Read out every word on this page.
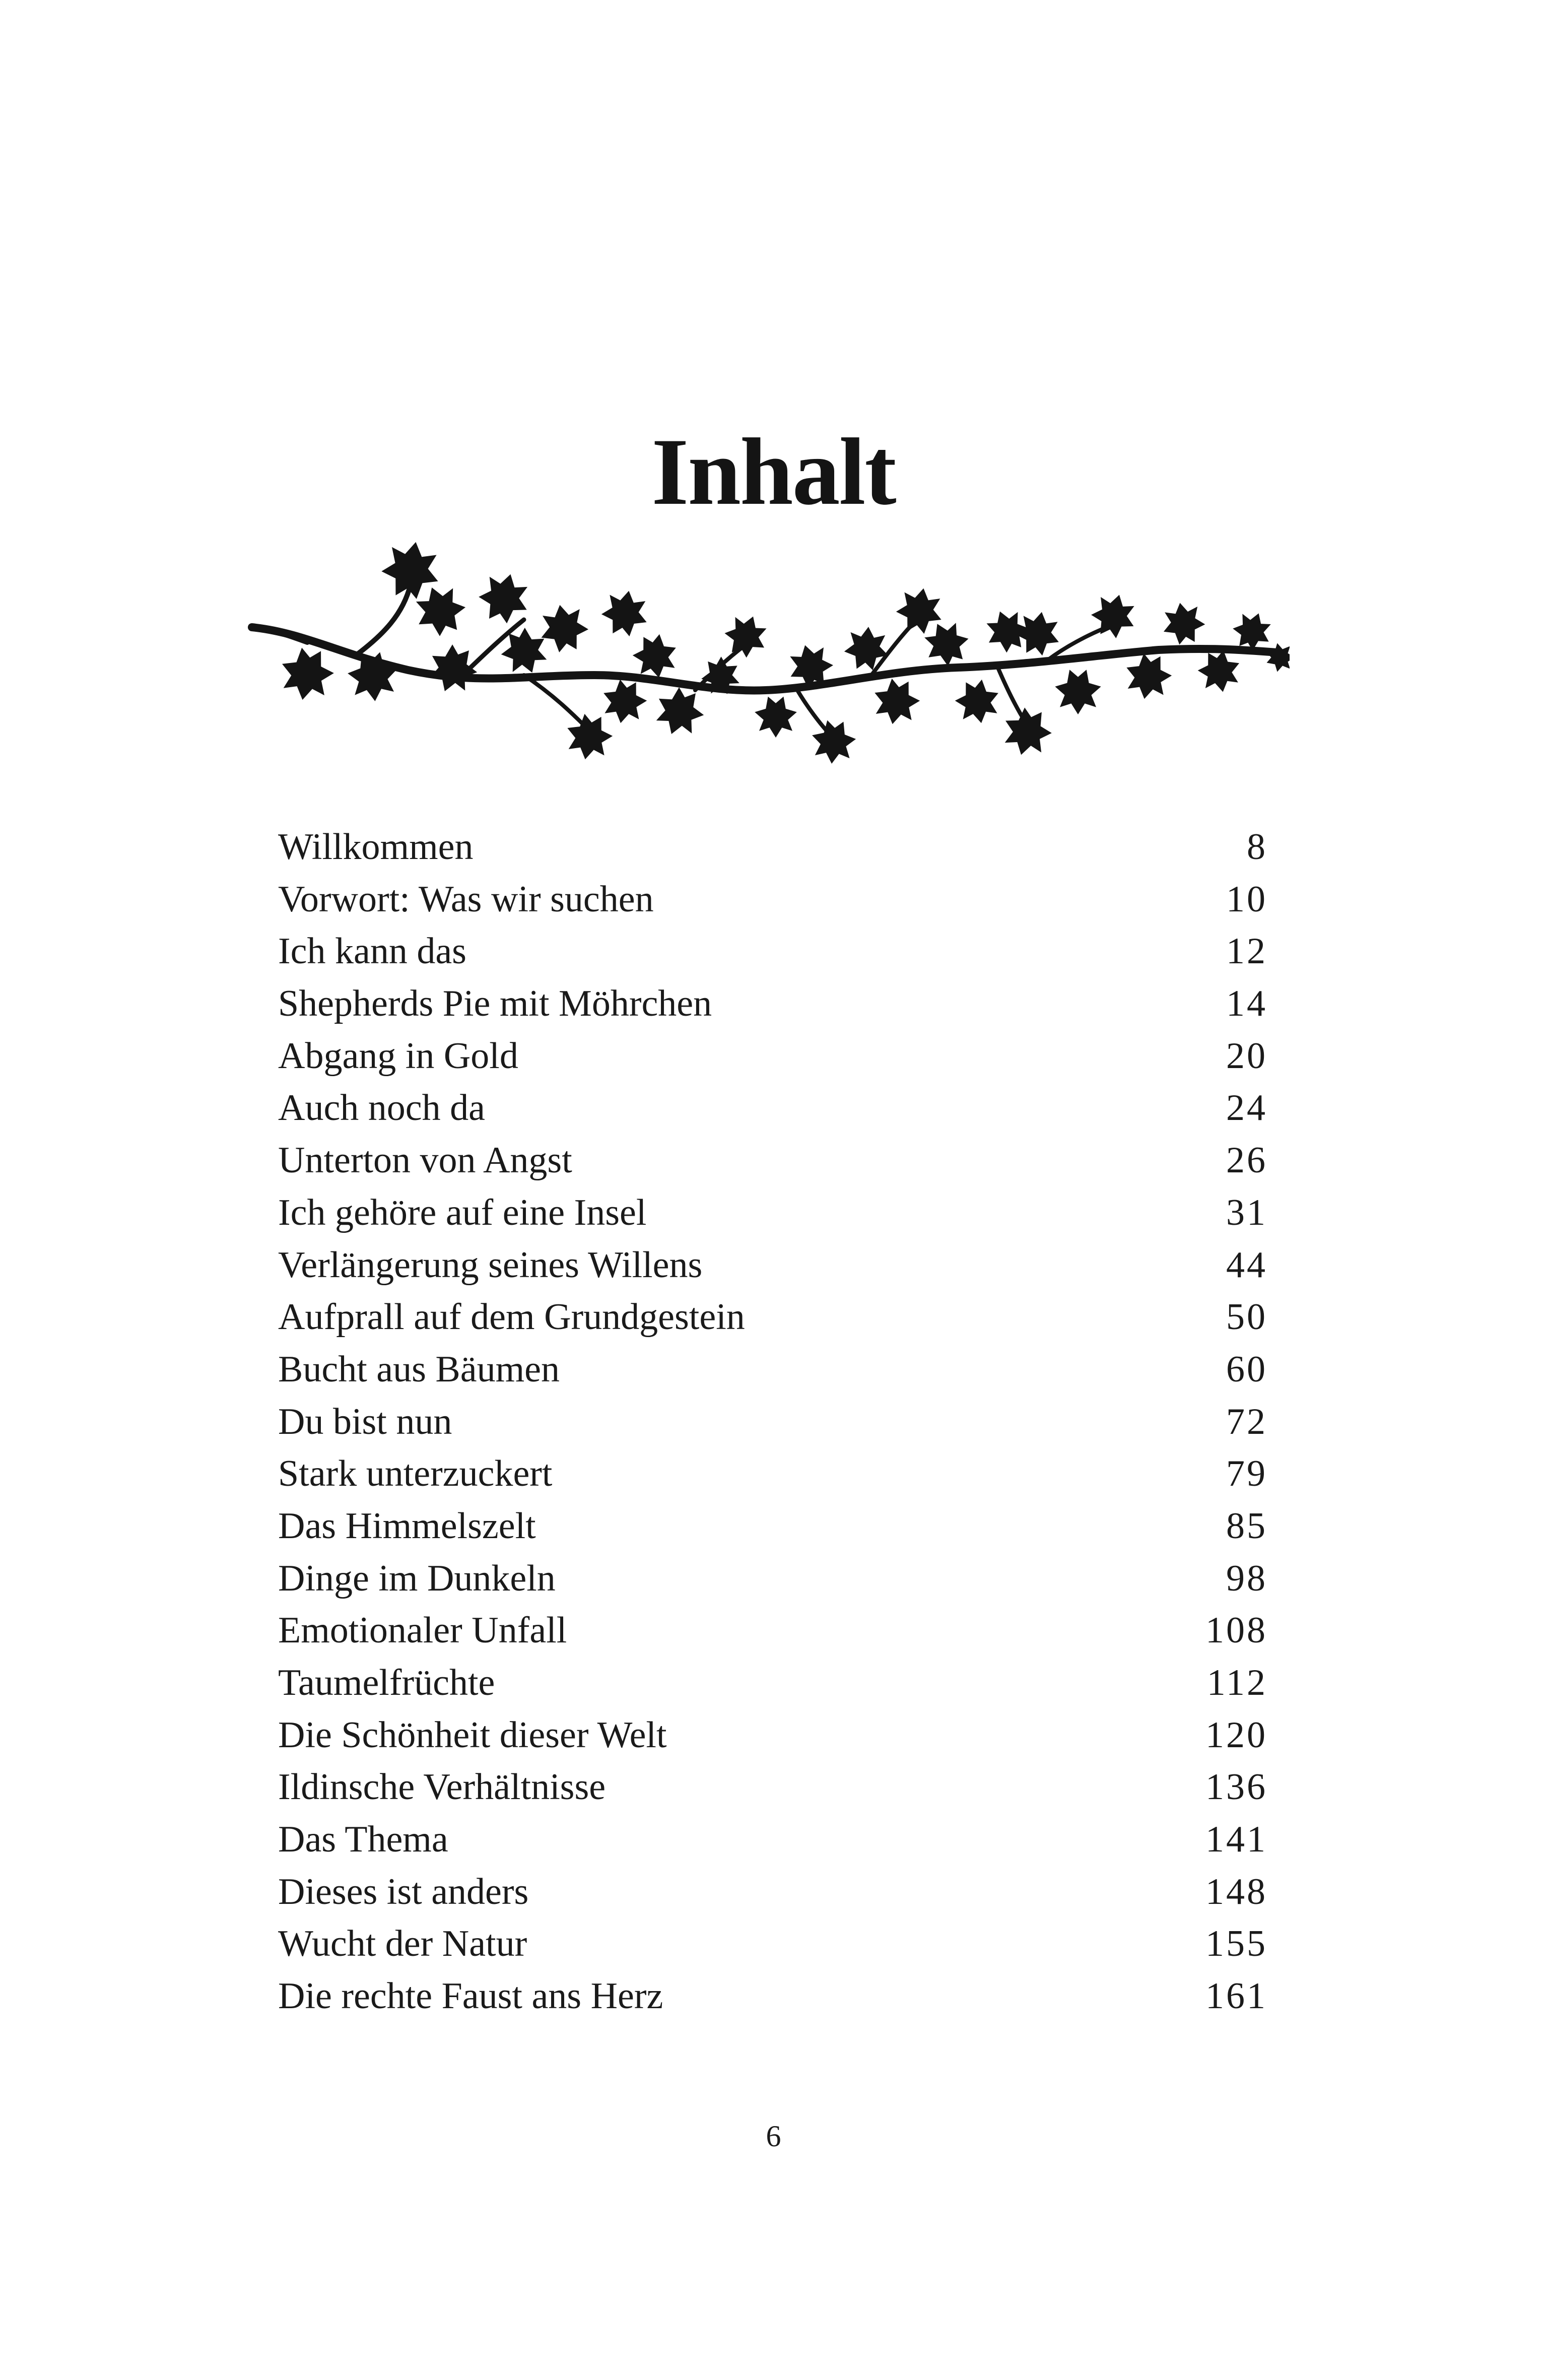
Inhalt
Willkommen	8
Vorwort: Was wir suchen	10
Ich kann das	12
Shepherds Pie mit Möhrchen	14
Abgang in Gold	20
Auch noch da	24
Unterton von Angst	26
Ich gehöre auf eine Insel	31
Verlängerung seines Willens	44
Aufprall auf dem Grundgestein	50
Bucht aus Bäumen	60
Du bist nun	72
Stark unterzuckert	79
Das Himmelszelt	85
Dinge im Dunkeln	98
Emotionaler Unfall	108
Taumelfrüchte	112
Die Schönheit dieser Welt	120
Ildinsche Verhältnisse	136
Das Thema	141
Dieses ist anders	148
Wucht der Natur	155
Die rechte Faust ans Herz	161
6
